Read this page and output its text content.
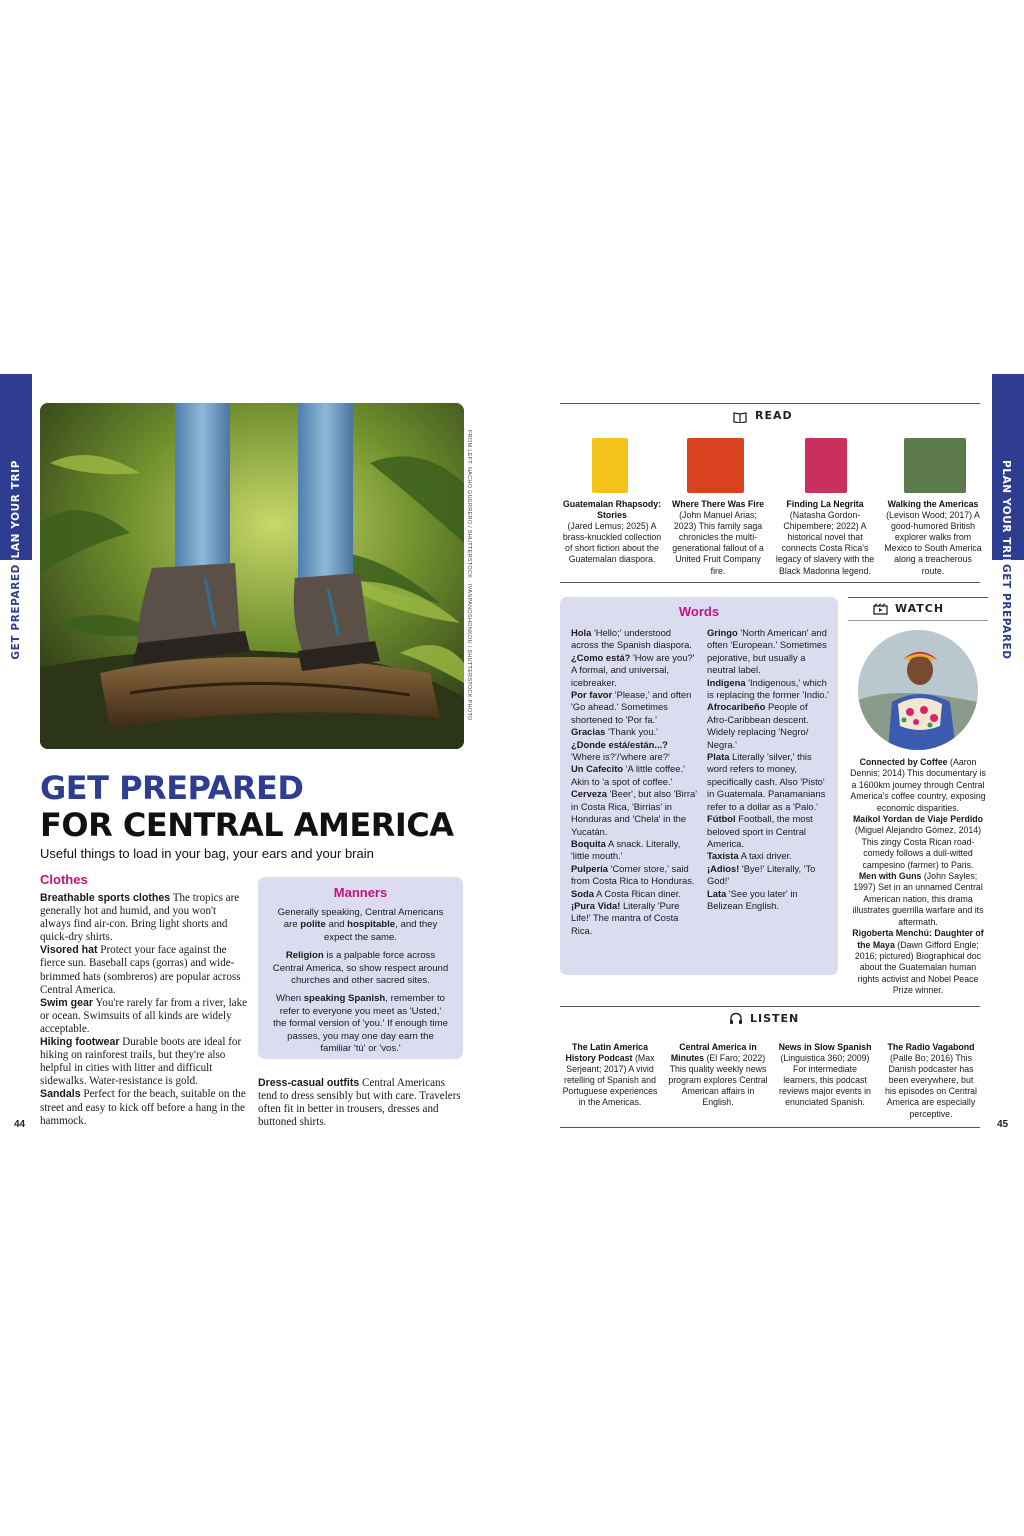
PLAN YOUR TRIP
GET PREPARED	FROM LEFT: NACHO GUERRERO / SHUTTERSTOCK · IVANPANOSHONKOU / SHUTTERSTOCK PHOTO
GET PREPARED
FOR CENTRAL AMERICA
Useful things to load in your bag, your ears and your brain
Clothes

Breathable sports clothes The tropics are generally hot and humid, and you won't always find air-con. Bring light shorts and quick-dry shirts.

Visored hat Protect your face against the fierce sun. Baseball caps (gorras) and wide-brimmed hats (sombreros) are popular across Central America.

Swim gear You're rarely far from a river, lake or ocean. Swimsuits of all kinds are widely acceptable.

Hiking footwear Durable boots are ideal for hiking on rainforest trails, but they're also helpful in cities with litter and difficult sidewalks. Water-resistance is gold.

Sandals Perfect for the beach, suitable on the street and easy to kick off before a hang in the hammock.

Manners

Generally speaking, Central Americans are polite and hospitable, and they expect the same.

Religion is a palpable force across Central America, so show respect around churches and other sacred sites.

When speaking Spanish, remember to refer to everyone you meet as 'Usted,' the formal version of 'you.' If enough time passes, you may one day earn the familiar 'tú' or 'vos.'

Dress-casual outfits Central Americans tend to dress sensibly but with care. Travelers often fit in better in trousers, dresses and buttoned shirts.

44
PLAN YOUR TRIP
GET PREPARED
READ
Guatemalan Rhapsody: Stories
(Jared Lemus; 2025) A brass-knuckled collection of short fiction about the Guatemalan diaspora.
Where There Was Fire
(John Manuel Arias; 2023) This family saga chronicles the multi-generational fallout of a United Fruit Company fire.
Finding La Negrita
(Natasha Gordon-Chipembere; 2022) A historical novel that connects Costa Rica's legacy of slavery with the Black Madonna legend.
Walking the Americas
(Levison Wood; 2017) A good-humored British explorer walks from Mexico to South America along a treacherous route.
Words

Hola 'Hello;' understood across the Spanish diaspora.

¿Como está? 'How are you?' A formal, and universal, icebreaker.

Por favor 'Please,' and often 'Go ahead.' Sometimes shortened to 'Por fa.'

Gracias 'Thank you.'

¿Donde está/están...? 'Where is?'/'where are?'

Un Cafecito 'A little coffee.' Akin to 'a spot of coffee.'

Cerveza 'Beer', but also 'Birra' in Costa Rica, 'Birrias' in Honduras and 'Chela' in the Yucatán.

Boquita A snack. Literally, 'little mouth.'

Pulpería 'Corner store,' said from Costa Rica to Honduras.

Soda A Costa Rican diner.

¡Pura Vida! Literally 'Pure Life!' The mantra of Costa Rica.

Gringo 'North American' and often 'European.' Sometimes pejorative, but usually a neutral label.

Indígena 'Indigenous,' which is replacing the former 'Indio.'

Afrocaribeño People of Afro-Caribbean descent. Widely replacing 'Negro/ Negra.'

Plata Literally 'silver,' this word refers to money, specifically cash. Also 'Pisto' in Guatemala. Panamanians refer to a dollar as a 'Palo.'

Fútbol Football, the most beloved sport in Central America.

Taxista A taxi driver.

¡Adios! 'Bye!' Literally, 'To God!'

Lata 'See you later' in Belizean English.

WATCH

Connected by Coffee (Aaron Dennis; 2014) This documentary is a 1600km journey through Central America's coffee country, exposing economic disparities.

Maikol Yordan de Viaje Perdido (Miguel Alejandro Gómez, 2014) This zingy Costa Rican road-comedy follows a dull-witted campesino (farmer) to Paris.

Men with Guns (John Sayles; 1997) Set in an unnamed Central American nation, this drama illustrates guerrilla warfare and its aftermath.

Rigoberta Menchú: Daughter of the Maya (Dawn Gifford Engle; 2016; pictured) Biographical doc about the Guatemalan human rights activist and Nobel Peace Prize winner.

LISTEN
The Latin America History Podcast (Max Serjeant; 2017) A vivid retelling of Spanish and Portuguese experiences in the Americas.
Central America in Minutes (El Faro; 2022) This quality weekly news program explores Central American affairs in English.
News in Slow Spanish (Linguistica 360; 2009) For intermediate learners, this podcast reviews major events in enunciated Spanish.
The Radio Vagabond (Palle Bo; 2016) This Danish podcaster has been everywhere, but his episodes on Central America are especially perceptive.
45
